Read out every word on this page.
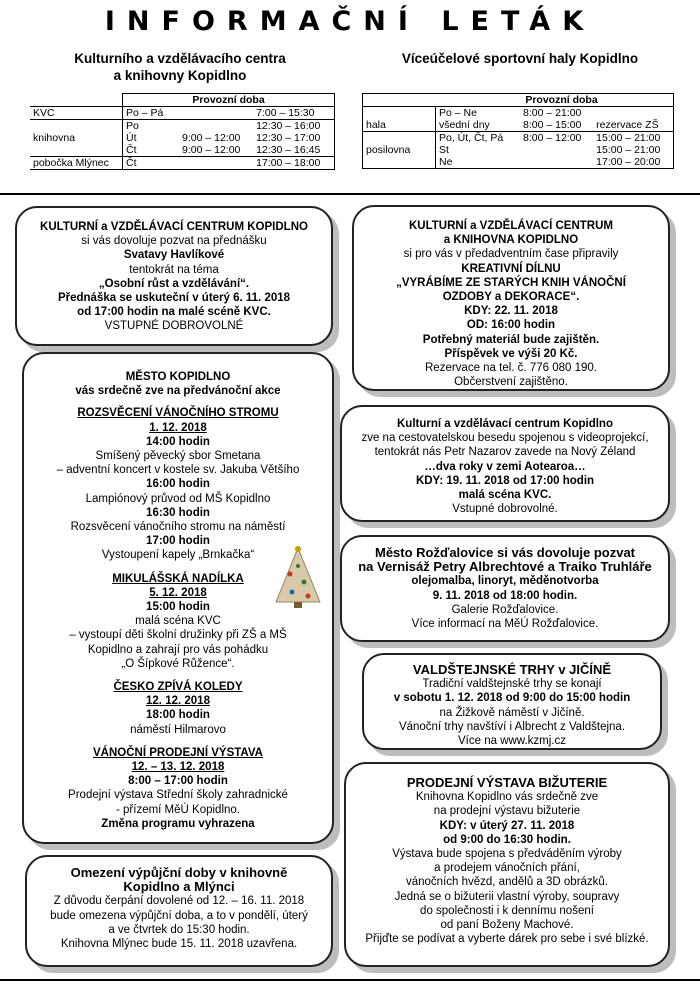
INFORMAČNÍ LETÁK
Kulturního a vzdělávacího centra
a knihovny Kopidlno
Víceúčelové sportovní haly Kopidlno
	Provozní doba		
KVC	Po – Pá		7:00 – 15:30
	Po		12:30 – 16:00
knihovna	Út	9:00 – 12:00	12:30 – 17:00
	Čt	9:00 – 12:00	12:30 – 16:45
pobočka Mlýnec	Čt		17:00 – 18:00
Provozní doba			
	Po – Ne	8:00 – 21:00	
hala	všední dny	8:00 – 15:00	rezervace ZŠ
	Po, Út, Čt, Pá	8:00 – 12:00	15:00 – 21:00
posilovna	St		15:00 – 21:00
	Ne		17:00 – 20:00
KULTURNÍ a VZDĚLÁVACÍ CENTRUM KOPIDLNO
si vás dovoluje pozvat na přednášku
Svatavy Havlíkové
tentokrát na téma
„Osobní růst a vzdělávání“.
Přednáška se uskuteční v úterý 6. 11. 2018
od 17:00 hodin na malé scéně KVC.
VSTUPNÉ DOBROVOLNÉ
KULTURNÍ a VZDĚLÁVACÍ CENTRUM
a KNIHOVNA KOPIDLNO
si pro vás v předadventním čase připravily
KREATIVNÍ DÍLNU
„VYRÁBÍME ZE STARÝCH KNIH VÁNOČNÍ
OZDOBY a DEKORACE“.
KDY: 22. 11. 2018
OD: 16:00 hodin
Potřebný materiál bude zajištěn.
Příspěvek ve výši 20 Kč.
Rezervace na tel. č. 776 080 190.
Občerstvení zajištěno.
MĚSTO KOPIDLNO
vás srdečně zve na předvánoční akce
ROZSVĚCENÍ VÁNOČNÍHO STROMU
1. 12. 2018
14:00 hodin
Smíšený pěvecký sbor Smetana
– adventní koncert v kostele sv. Jakuba Většího
16:00 hodin
Lampiónový průvod od MŠ Kopidlno
16:30 hodin
Rozsvěcení vánočního stromu na náměstí
17:00 hodin
Vystoupení kapely „Brnkačka“
MIKULÁŠSKÁ NADÍLKA
5. 12. 2018
15:00 hodin
malá scéna KVC
– vystoupí děti školní družinky při ZŠ a MŠ
Kopidlno a zahrají pro vás pohádku
„O Šípkové Růžence“.
ČESKO ZPÍVÁ KOLEDY
12. 12. 2018
18:00 hodin
náměstí Hilmarovo
VÁNOČNÍ PRODEJNÍ VÝSTAVA
12. – 13. 12. 2018
8:00 – 17:00 hodin
Prodejní výstava Střední školy zahradnické
- přízemí MěÚ Kopidlno.
Změna programu vyhrazena
Kulturní a vzdělávací centrum Kopidlno
zve na cestovatelskou besedu spojenou s videoprojekcí,
tentokrát nás Petr Nazarov zavede na Nový Zéland
…dva roky v zemi Aotearoa…
KDY: 19. 11. 2018 od 17:00 hodin
malá scéna KVC.
Vstupné dobrovolné.
Město Rožďalovice si vás dovoluje pozvat
na Vernisáž Petry Albrechtové a Traiko Truhláře
olejomalba, linoryt, měděnotvorba
9. 11. 2018 od 18:00 hodin.
Galerie Rožďalovice.
Více informací na MěÚ Rožďalovice.
VALDŠTEJNSKÉ TRHY v JIČÍNĚ
Tradiční valdštejnské trhy se konají
v sobotu 1. 12. 2018 od 9:00 do 15:00 hodin
na Žižkově náměstí v Jičíně.
Vánoční trhy navštíví i Albrecht z Valdštejna.
Více na www.kzmj.cz
Omezení výpůjční doby v knihovně
Kopidlno a Mlýnci
Z důvodu čerpání dovolené od 12. – 16. 11. 2018
bude omezena výpůjční doba, a to v pondělí, úterý
a ve čtvrtek do 15:30 hodin.
Knihovna Mlýnec bude 15. 11. 2018 uzavřena.
PRODEJNÍ VÝSTAVA BIŽUTERIE
Knihovna Kopidlno vás srdečně zve
na prodejní výstavu bižuterie
KDY: v úterý 27. 11. 2018
od 9:00 do 16:30 hodin.
Výstava bude spojena s předváděním výroby
a prodejem vánočních přání,
vánočních hvězd, andělů a 3D obrázků.
Jedná se o bižuterii vlastní výroby, soupravy
do společnosti i k dennímu nošení
od paní Boženy Machové.
Přijďte se podívat a vyberte dárek pro sebe i své blízké.
